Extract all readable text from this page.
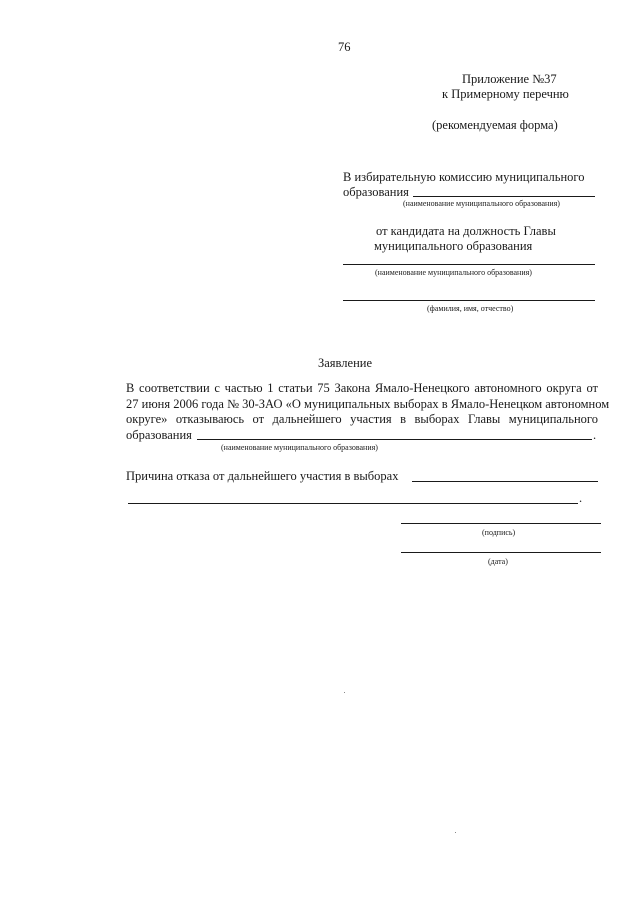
76
Приложение №37
к Примерному перечню
(рекомендуемая форма)
В избирательную комиссию муниципального
образования
(наименование муниципального образования)
от кандидата на должность Главы
муниципального образования
(наименование муниципального образования)
(фамилия, имя, отчество)
Заявление
В соответствии с частью 1 статьи 75 Закона Ямало-Ненецкого автономного округа от
27 июня 2006 года № 30-ЗАО «О муниципальных выборах в Ямало-Ненецком автономном
округе» отказываюсь от дальнейшего участия в выборах Главы муниципального
образования	.
(наименование муниципального образования)
Причина отказа от дальнейшего участия в выборах
.
(подпись)
(дата)
